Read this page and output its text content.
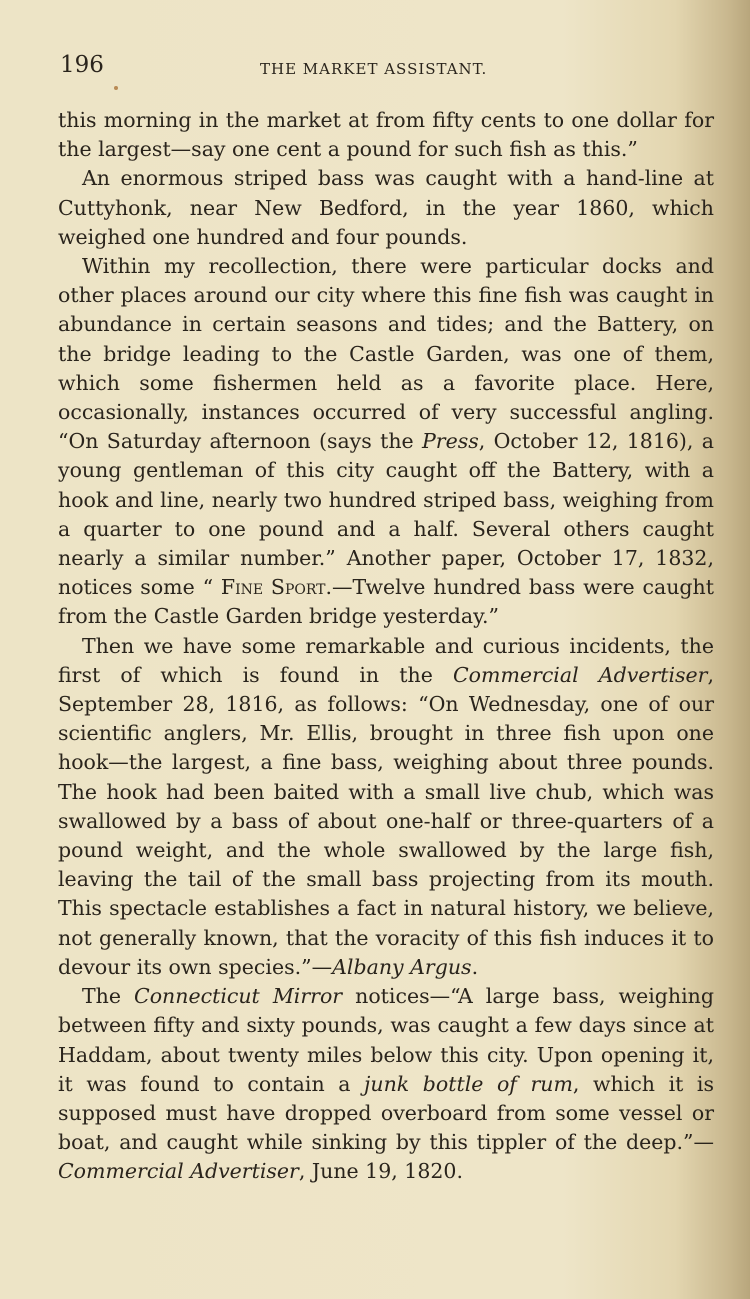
196	THE MARKET ASSISTANT.

this morning in the market at from fifty cents to one dollar for the largest—say one cent a pound for such fish as this.”

An enormous striped bass was caught with a hand-line at Cuttyhonk, near New Bedford, in the year 1860, which weighed one hundred and four pounds.

Within my recollection, there were particular docks and other places around our city where this fine fish was caught in abundance in certain seasons and tides; and the Battery, on the bridge leading to the Castle Garden, was one of them, which some fishermen held as a favorite place. Here, occasionally, instances occurred of very successful angling. “On Saturday afternoon (says the Press, October 12, 1816), a young gentleman of this city caught off the Battery, with a hook and line, nearly two hundred striped bass, weighing from a quarter to one pound and a half. Several others caught nearly a similar number.” Another paper, October 17, 1832, notices some “ Fine Sport.—Twelve hundred bass were caught from the Castle Garden bridge yesterday.”

Then we have some remarkable and curious incidents, the first of which is found in the Commercial Advertiser, September 28, 1816, as follows: “On Wednesday, one of our scientific anglers, Mr. Ellis, brought in three fish upon one hook—the largest, a fine bass, weighing about three pounds. The hook had been baited with a small live chub, which was swallowed by a bass of about one-half or three-quarters of a pound weight, and the whole swallowed by the large fish, leaving the tail of the small bass projecting from its mouth. This spectacle establishes a fact in natural history, we believe, not generally known, that the voracity of this fish induces it to devour its own species.”—Albany Argus.

The Connecticut Mirror notices—“A large bass, weighing between fifty and sixty pounds, was caught a few days since at Haddam, about twenty miles below this city. Upon opening it, it was found to contain a junk bottle of rum, which it is supposed must have dropped overboard from some vessel or boat, and caught while sinking by this tippler of the deep.”—Commercial Advertiser, June 19, 1820.
